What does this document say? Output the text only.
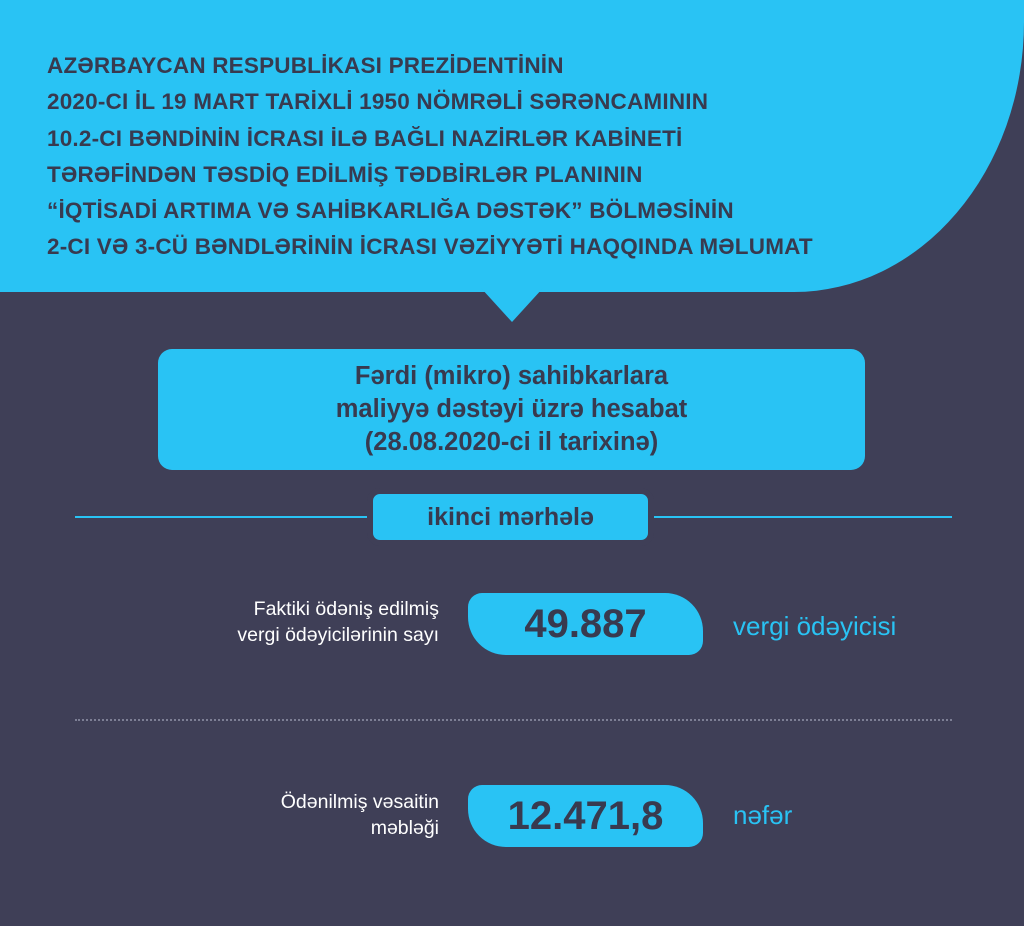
AZƏRBAYCAN RESPUBLİKASI PREZİDENTİNİN
2020-CI İL 19 MART TARİXLİ 1950 NÖMRƏLİ SƏRƏNCAMININ
10.2-CI BƏNDİNİN İCRASI İLƏ BAĞLI NAZİRLƏR KABİNETİ
TƏRƏFİNDƏN TƏSDİQ EDİLMİŞ TƏDBİRLƏR PLANININ
“İQTİSADİ ARTIMA VƏ SAHİBKARLIĞA DƏSTƏK” BÖLMƏSİNİN
2-CI VƏ 3-CÜ BƏNDLƏRİNİN İCRASI VƏZİYYƏTİ HAQQINDA MƏLUMAT
Fərdi (mikro) sahibkarlara
maliyyə dəstəyi üzrə hesabat
(28.08.2020-ci il tarixinə)
ikinci mərhələ
Faktiki ödəniş edilmiş
vergi ödəyicilərinin sayı	49.887	vergi ödəyicisi
Ödənilmiş vəsaitin
məbləği	12.471,8	nəfər
